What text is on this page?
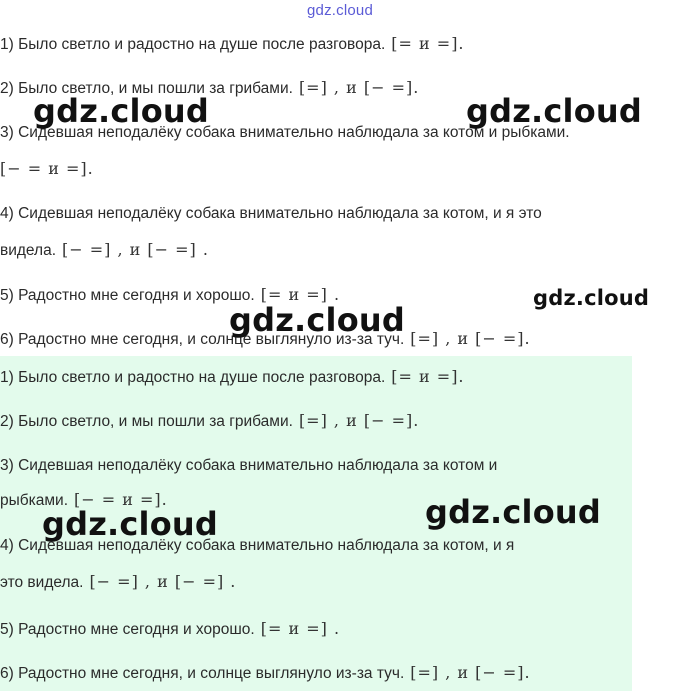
gdz.cloud
1) Было светло и радостно на душе после разговора. [= и =].
2) Было светло, и мы пошли за грибами. [=] , и [− =].
3) Сидевшая неподалёку собака внимательно наблюдала за котом и рыбками.
[− = и =].
4) Сидевшая неподалёку собака внимательно наблюдала за котом, и я это
видела. [− =] , и [− =] .
5) Радостно мне сегодня и хорошо. [= и =] .
6) Радостно мне сегодня, и солнце выглянуло из-за туч. [=] , и [− =].
1) Было светло и радостно на душе после разговора. [= и =].
2) Было светло, и мы пошли за грибами. [=] , и [− =].
3) Сидевшая неподалёку собака внимательно наблюдала за котом и
рыбками. [− = и =].
4) Сидевшая неподалёку собака внимательно наблюдала за котом, и я
это видела. [− =] , и [− =] .
5) Радостно мне сегодня и хорошо. [= и =] .
6) Радостно мне сегодня, и солнце выглянуло из-за туч. [=] , и [− =].
gdz.cloud	gdz.cloud
gdz.cloud
gdz.cloud
gdz.cloud
gdz.cloud
